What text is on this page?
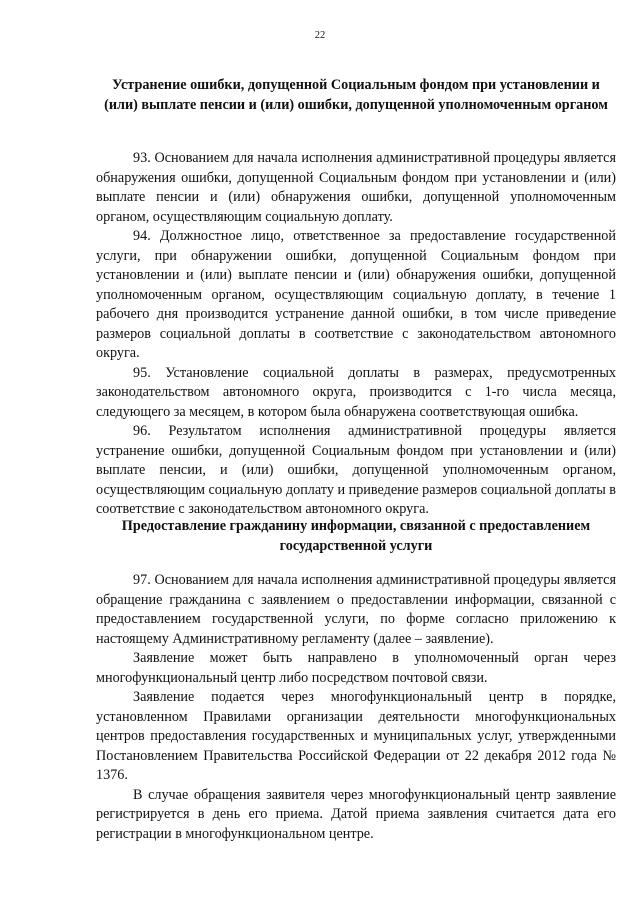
22
Устранение ошибки, допущенной Социальным фондом при установлении и (или) выплате пенсии и (или) ошибки, допущенной уполномоченным органом

93. Основанием для начала исполнения административной процедуры является обнаружения ошибки, допущенной Социальным фондом при установлении и (или) выплате пенсии и (или) обнаружения ошибки, допущенной уполномоченным органом, осуществляющим социальную доплату.

94. Должностное лицо, ответственное за предоставление государственной услуги, при обнаружении ошибки, допущенной Социальным фондом при установлении и (или) выплате пенсии и (или) обнаружения ошибки, допущенной уполномоченным органом, осуществляющим социальную доплату, в течение 1 рабочего дня производится устранение данной ошибки, в том числе приведение размеров социальной доплаты в соответствие с законодательством автономного округа.

95. Установление социальной доплаты в размерах, предусмотренных законодательством автономного округа, производится с 1-го числа месяца, следующего за месяцем, в котором была обнаружена соответствующая ошибка.

96. Результатом исполнения административной процедуры является устранение ошибки, допущенной Социальным фондом при установлении и (или) выплате пенсии, и (или) ошибки, допущенной уполномоченным органом, осуществляющим социальную доплату и приведение размеров социальной доплаты в соответствие с законодательством автономного округа.

Предоставление гражданину информации, связанной с предоставлением государственной услуги

97. Основанием для начала исполнения административной процедуры является обращение гражданина с заявлением о предоставлении информации, связанной с предоставлением государственной услуги, по форме согласно приложению к настоящему Административному регламенту (далее – заявление).

Заявление может быть направлено в уполномоченный орган через многофункциональный центр либо посредством почтовой связи.

Заявление подается через многофункциональный центр в порядке, установленном Правилами организации деятельности многофункциональных центров предоставления государственных и муниципальных услуг, утвержденными Постановлением Правительства Российской Федерации от 22 декабря 2012 года № 1376.

В случае обращения заявителя через многофункциональный центр заявление регистрируется в день его приема. Датой приема заявления считается дата его регистрации в многофункциональном центре.
